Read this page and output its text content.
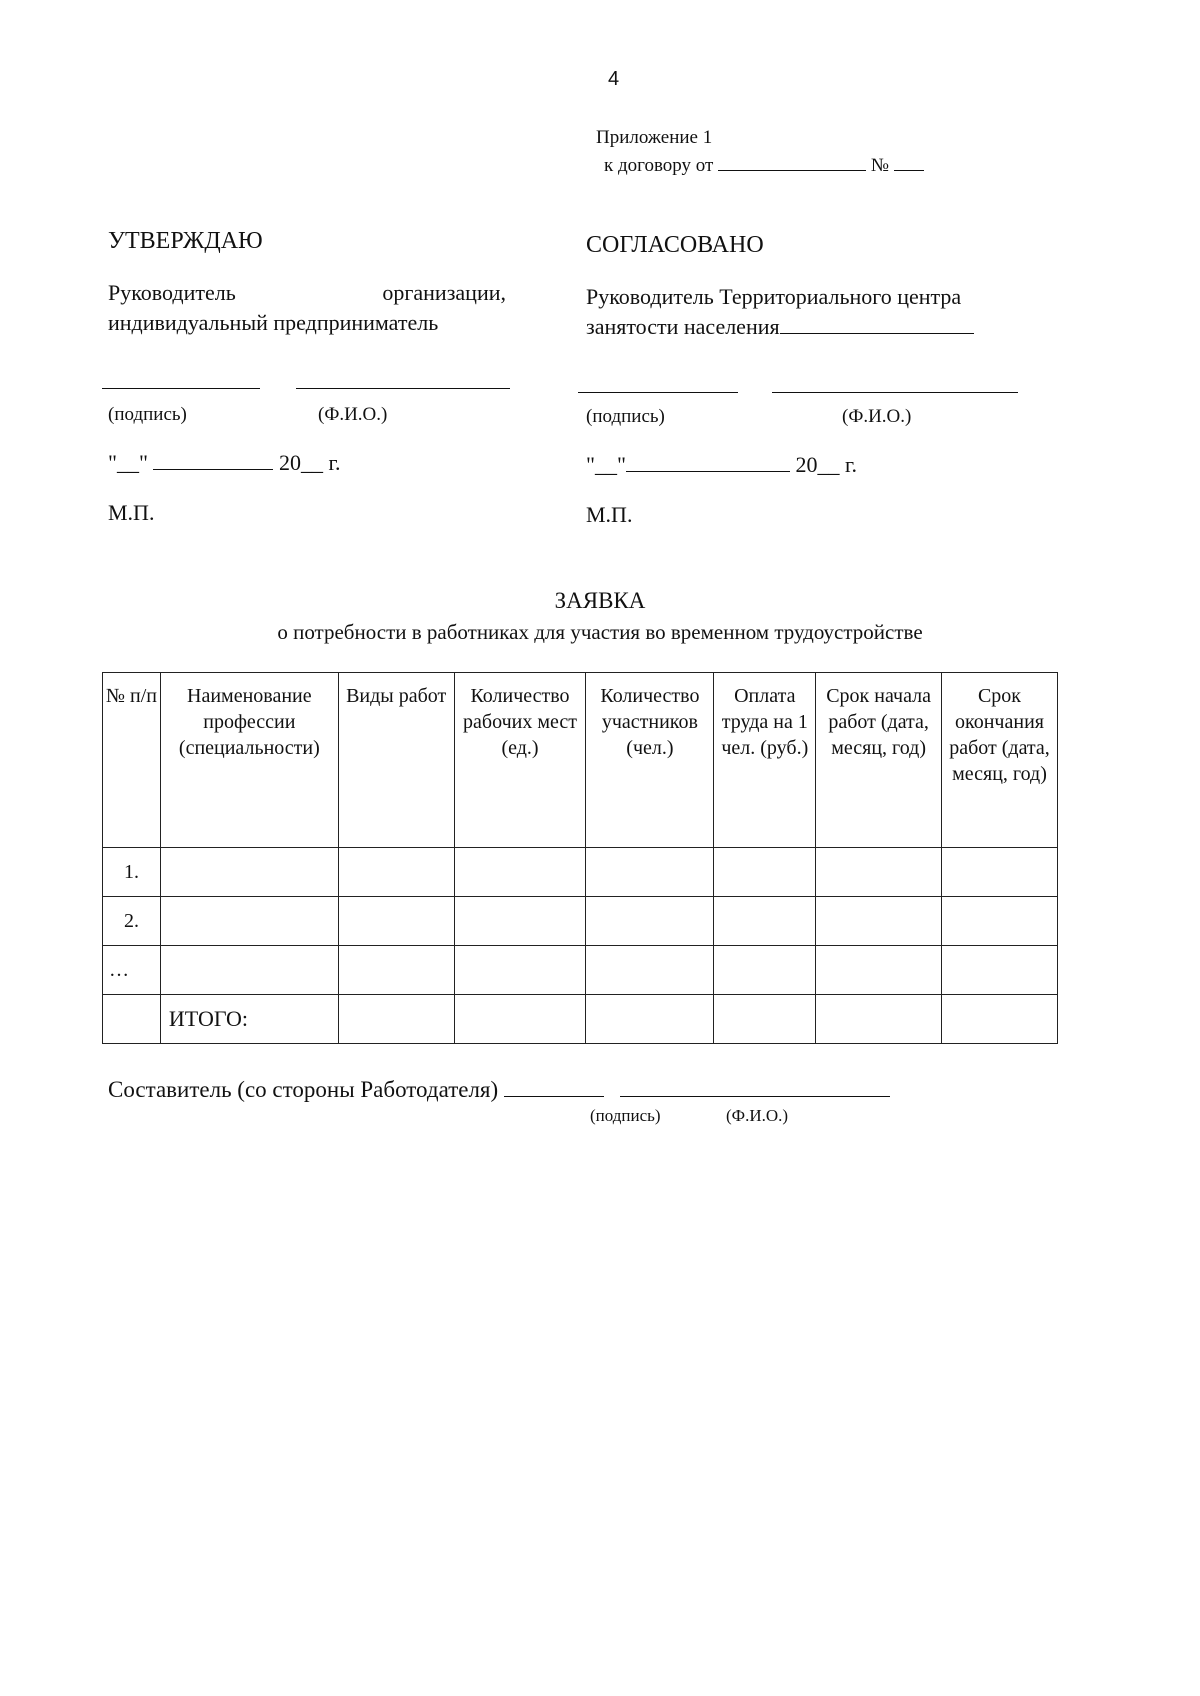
4
Приложение 1
к договору от	№
УТВЕРЖДАЮ
Руководитель	организации,
индивидуальный предприниматель
(подпись)	(Ф.И.О.)
"__"	20__ г.
М.П.
СОГЛАСОВАНО
Руководитель Территориального центра
занятости населения
(подпись)	(Ф.И.О.)
"__"	20__ г.
М.П.
ЗАЯВКА
о потребности в работниках для участия во временном трудоустройстве
№ п/п	Наименование профессии (специальности)	Виды работ	Количество рабочих мест (ед.)	Количество участников (чел.)	Оплата труда на 1 чел. (руб.)	Срок начала работ (дата, месяц, год)	Срок окончания работ (дата, месяц, год)
1.							
2.							
…							
	ИТОГО:						
Составитель (со стороны Работодателя)
(подпись)	(Ф.И.О.)
